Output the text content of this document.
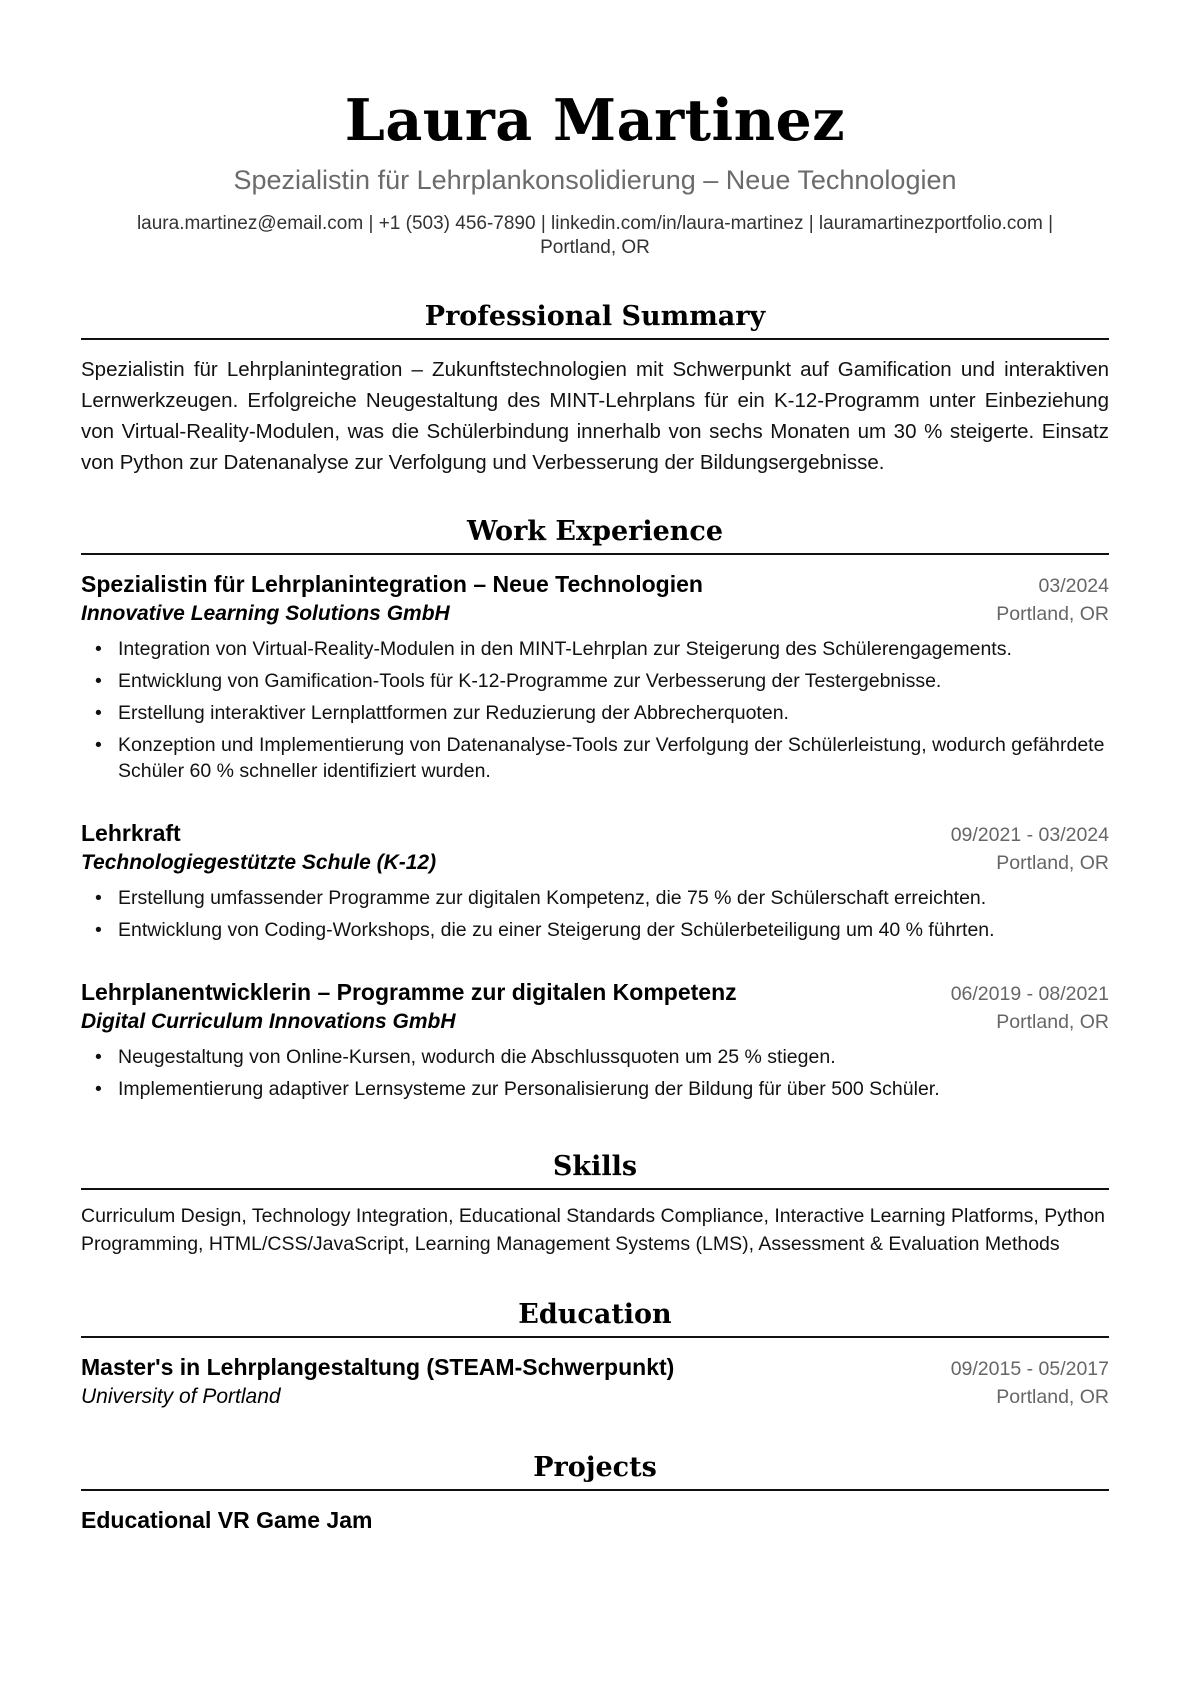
Laura Martinez
Spezialistin für Lehrplankonsolidierung – Neue Technologien
laura.martinez@email.com | +1 (503) 456-7890 | linkedin.com/in/laura-martinez | lauramartinezportfolio.com | Portland, OR
Professional Summary
Spezialistin für Lehrplanintegration – Zukunftstechnologien mit Schwerpunkt auf Gamification und interaktiven Lernwerkzeugen. Erfolgreiche Neugestaltung des MINT-Lehrplans für ein K-12-Programm unter Einbeziehung von Virtual-Reality-Modulen, was die Schülerbindung innerhalb von sechs Monaten um 30 % steigerte. Einsatz von Python zur Datenanalyse zur Verfolgung und Verbesserung der Bildungsergebnisse.
Work Experience
Spezialistin für Lehrplanintegration – Neue Technologien	03/2024
Innovative Learning Solutions GmbH	Portland, OR
• Integration von Virtual-Reality-Modulen in den MINT-Lehrplan zur Steigerung des Schülerengagements.
• Entwicklung von Gamification-Tools für K-12-Programme zur Verbesserung der Testergebnisse.
• Erstellung interaktiver Lernplattformen zur Reduzierung der Abbrecherquoten.
• Konzeption und Implementierung von Datenanalyse-Tools zur Verfolgung der Schülerleistung, wodurch gefährdete Schüler 60 % schneller identifiziert wurden.
Lehrkraft	09/2021 - 03/2024
Technologiegestützte Schule (K-12)	Portland, OR
• Erstellung umfassender Programme zur digitalen Kompetenz, die 75 % der Schülerschaft erreichten.
• Entwicklung von Coding-Workshops, die zu einer Steigerung der Schülerbeteiligung um 40 % führten.
Lehrplanentwicklerin – Programme zur digitalen Kompetenz	06/2019 - 08/2021
Digital Curriculum Innovations GmbH	Portland, OR
• Neugestaltung von Online-Kursen, wodurch die Abschlussquoten um 25 % stiegen.
• Implementierung adaptiver Lernsysteme zur Personalisierung der Bildung für über 500 Schüler.
Skills
Curriculum Design, Technology Integration, Educational Standards Compliance, Interactive Learning Platforms, Python Programming, HTML/CSS/JavaScript, Learning Management Systems (LMS), Assessment & Evaluation Methods
Education
Master's in Lehrplangestaltung (STEAM-Schwerpunkt)	09/2015 - 05/2017
University of Portland	Portland, OR
Projects
Educational VR Game Jam
